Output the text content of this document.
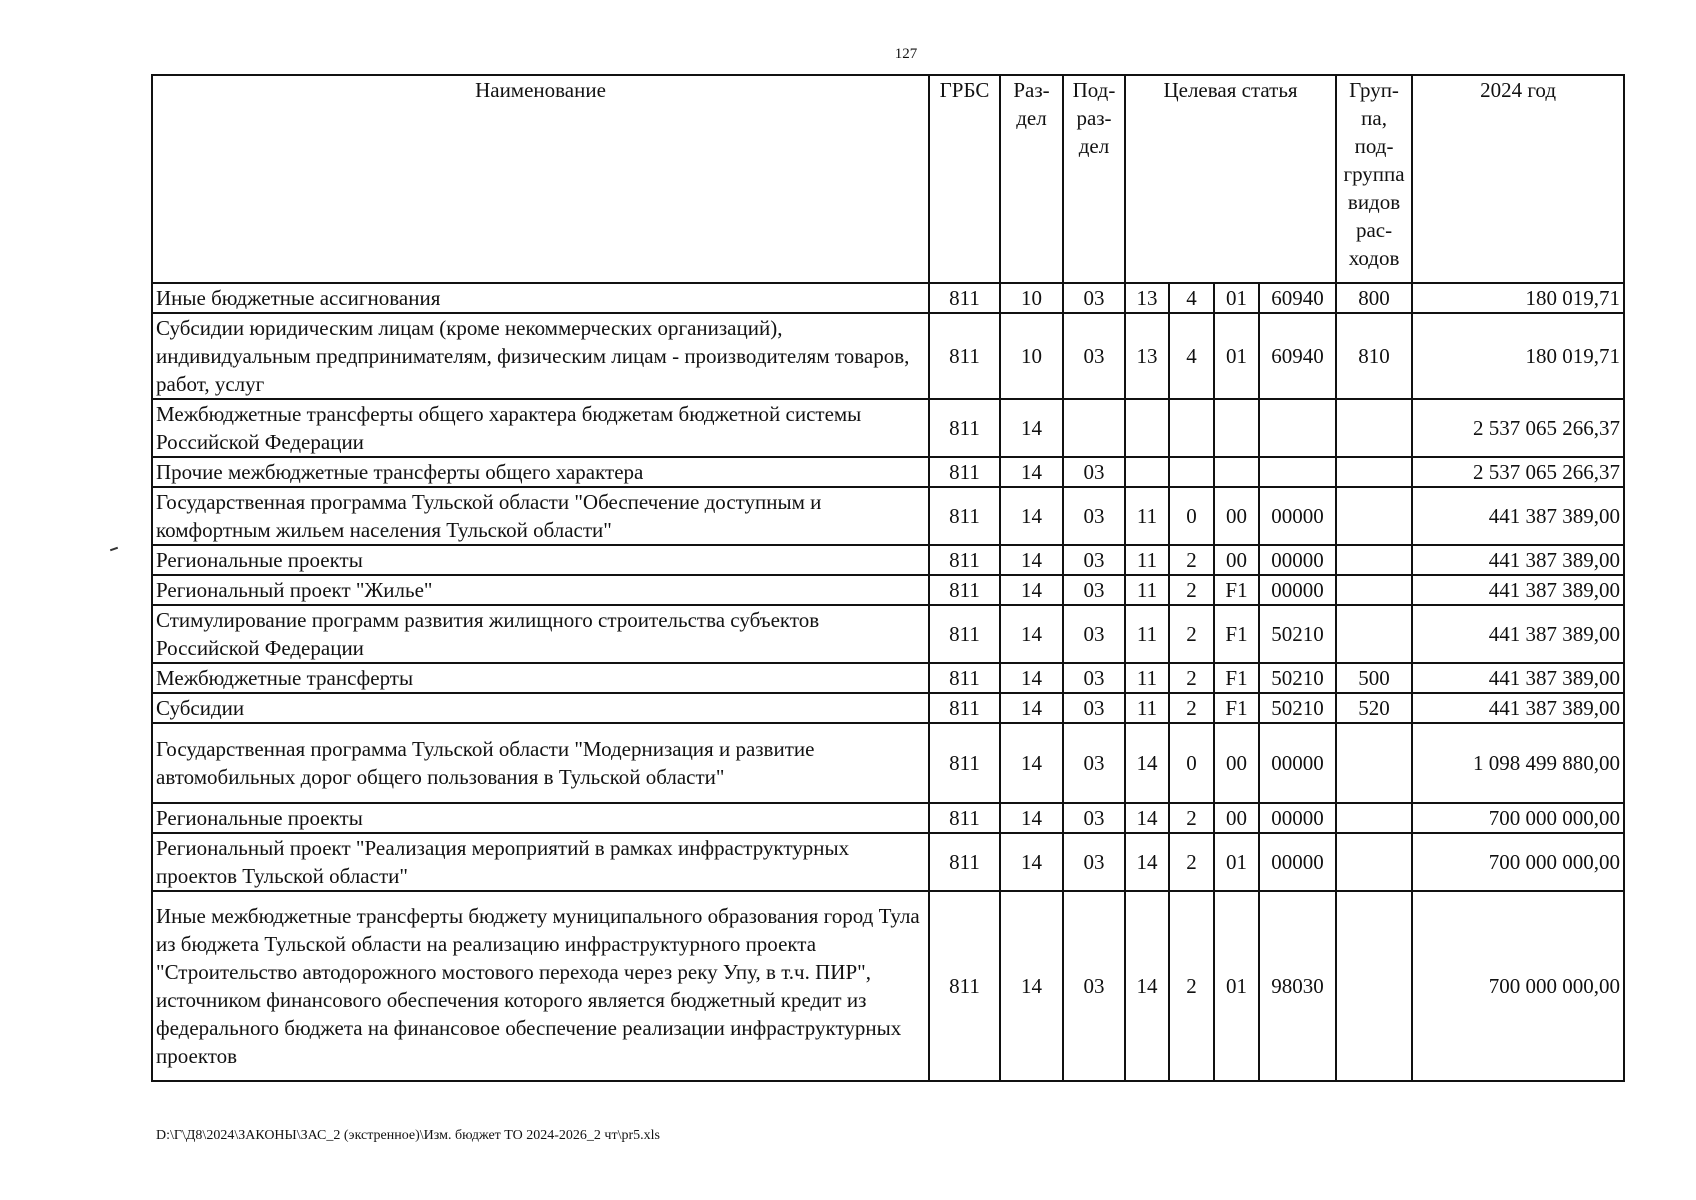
127
Наименование	ГРБС	Раз-дел	Под-раз-дел	Целевая статья				Груп-па, под-группа видов рас-ходов	2024 год
Иные бюджетные ассигнования	811	10	03	13	4	01	60940	800	180 019,71
Субсидии юридическим лицам (кроме некоммерческих организаций), индивидуальным предпринимателям, физическим лицам - производителям товаров, работ, услуг	811	10	03	13	4	01	60940	810	180 019,71
Межбюджетные трансферты общего характера бюджетам бюджетной системы Российской Федерации	811	14							2 537 065 266,37
Прочие межбюджетные трансферты общего характера	811	14	03						2 537 065 266,37
Государственная программа Тульской области "Обеспечение доступным и комфортным жильем населения Тульской области"	811	14	03	11	0	00	00000		441 387 389,00
Региональные проекты	811	14	03	11	2	00	00000		441 387 389,00
Региональный проект "Жилье"	811	14	03	11	2	F1	00000		441 387 389,00
Стимулирование программ развития жилищного строительства субъектов Российской Федерации	811	14	03	11	2	F1	50210		441 387 389,00
Межбюджетные трансферты	811	14	03	11	2	F1	50210	500	441 387 389,00
Субсидии	811	14	03	11	2	F1	50210	520	441 387 389,00
Государственная программа Тульской области "Модернизация и развитие автомобильных дорог общего пользования в Тульской области"	811	14	03	14	0	00	00000		1 098 499 880,00
Региональные проекты	811	14	03	14	2	00	00000		700 000 000,00
Региональный проект "Реализация мероприятий в рамках инфраструктурных проектов Тульской области"	811	14	03	14	2	01	00000		700 000 000,00
Иные межбюджетные трансферты бюджету муниципального образования город Тула из бюджета Тульской области на реализацию инфраструктурного проекта "Строительство автодорожного мостового перехода через реку Упу, в т.ч. ПИР", источником финансового обеспечения которого является бюджетный кредит из федерального бюджета на финансовое обеспечение реализации инфраструктурных проектов	811	14	03	14	2	01	98030		700 000 000,00
D:\Г\Д8\2024\ЗАКОНЫ\ЗАС_2 (экстренное)\Изм. бюджет ТО 2024-2026_2 чт\pr5.xls
